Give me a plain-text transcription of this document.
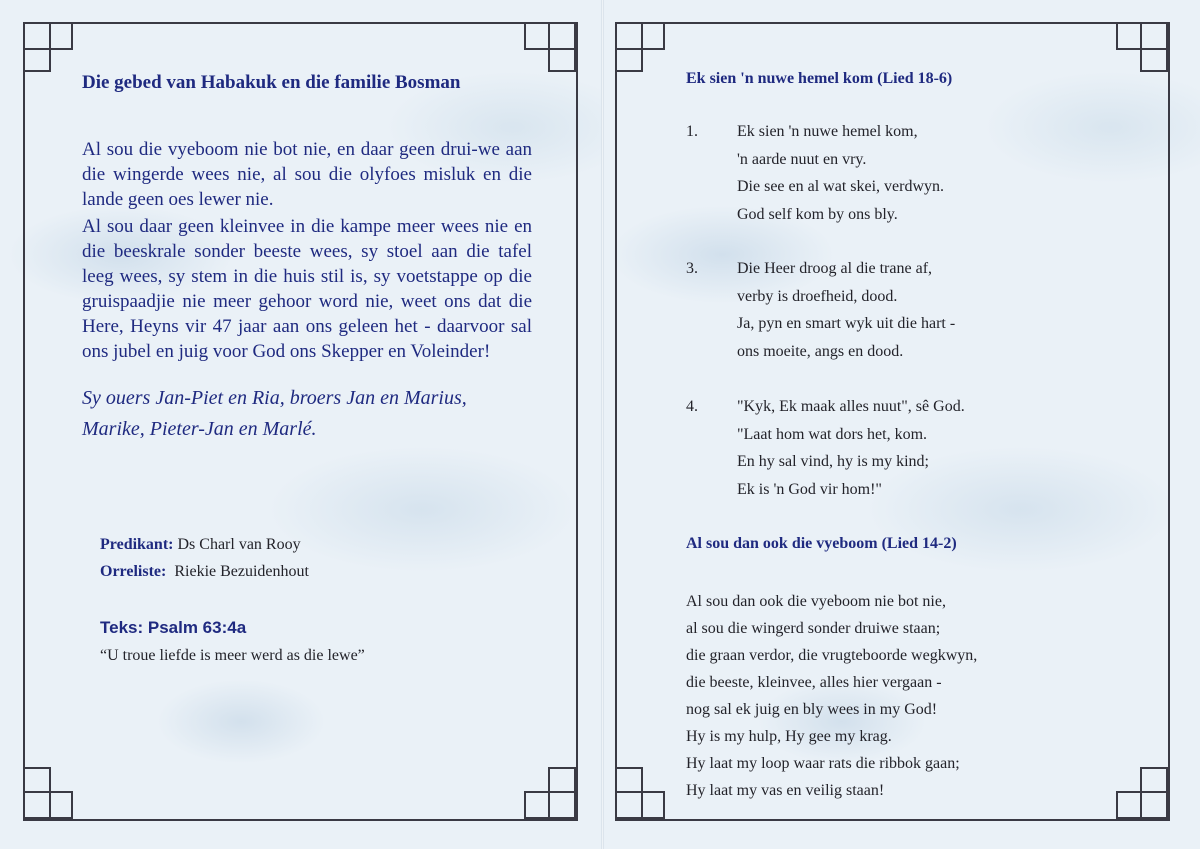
Die gebed van Habakuk en die familie Bosman
Al sou die vyeboom nie bot nie, en daar geen drui-we aan die wingerde wees nie, al sou die olyfoes misluk en die lande geen oes lewer nie.
Al sou daar geen kleinvee in die kampe meer wees nie en die beeskrale sonder beeste wees, sy stoel aan die tafel leeg wees, sy stem in die huis stil is, sy voetstappe op die gruispaadjie nie meer gehoor word nie, weet ons dat die Here, Heyns vir 47 jaar aan ons geleen het - daarvoor sal ons jubel en juig voor God ons Skepper en Voleinder!
Sy ouers Jan-Piet en Ria, broers Jan en Marius,
Marike, Pieter-Jan en Marlé.
Predikant: Ds Charl van Rooy
Orreliste: Riekie Bezuidenhout
Teks: Psalm 63:4a
“U troue liefde is meer werd as die lewe”
Ek sien 'n nuwe hemel kom (Lied 18-6)
1. Ek sien 'n nuwe hemel kom,
'n aarde nuut en vry.
Die see en al wat skei, verdwyn.
God self kom by ons bly.
3. Die Heer droog al die trane af,
verby is droefheid, dood.
Ja, pyn en smart wyk uit die hart -
ons moeite, angs en dood.
4. "Kyk, Ek maak alles nuut", sê God.
"Laat hom wat dors het, kom.
En hy sal vind, hy is my kind;
Ek is 'n God vir hom!"
Al sou dan ook die vyeboom (Lied 14-2)
Al sou dan ook die vyeboom nie bot nie,
al sou die wingerd sonder druiwe staan;
die graan verdor, die vrugteboorde wegkwyn,
die beeste, kleinvee, alles hier vergaan -
nog sal ek juig en bly wees in my God!
Hy is my hulp, Hy gee my krag.
Hy laat my loop waar rats die ribbok gaan;
Hy laat my vas en veilig staan!
